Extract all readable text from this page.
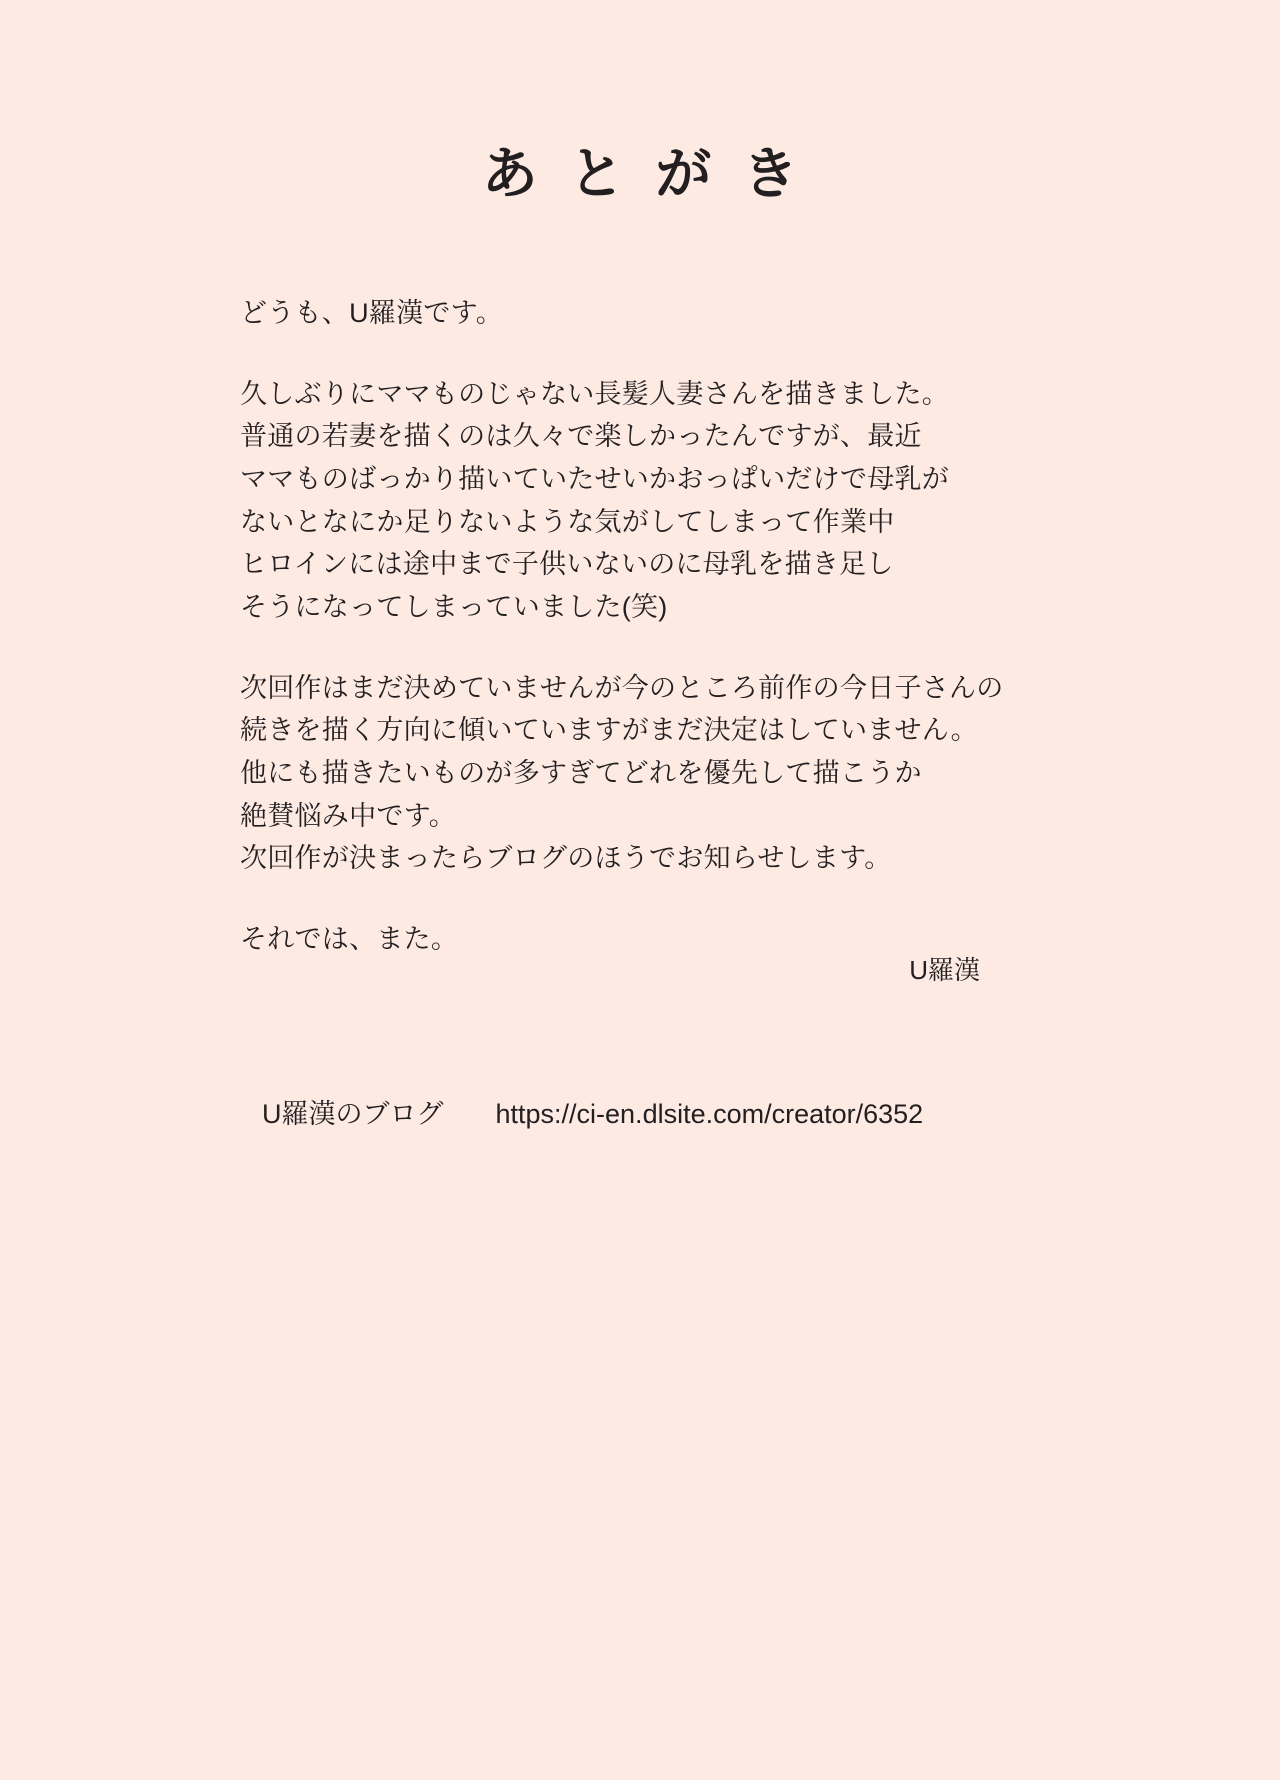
あとがき

どうも、U羅漢です。

久しぶりにママものじゃない長髪人妻さんを描きました。
普通の若妻を描くのは久々で楽しかったんですが、最近
ママものばっかり描いていたせいかおっぱいだけで母乳が
ないとなにか足りないような気がしてしまって作業中
ヒロインには途中まで子供いないのに母乳を描き足し
そうになってしまっていました(笑)

次回作はまだ決めていませんが今のところ前作の今日子さんの
続きを描く方向に傾いていますがまだ決定はしていません。
他にも描きたいものが多すぎてどれを優先して描こうか
絶賛悩み中です。
次回作が決まったらブログのほうでお知らせします。

それでは、また。

U羅漢
U羅漢のブログ https://ci-en.dlsite.com/creator/6352
